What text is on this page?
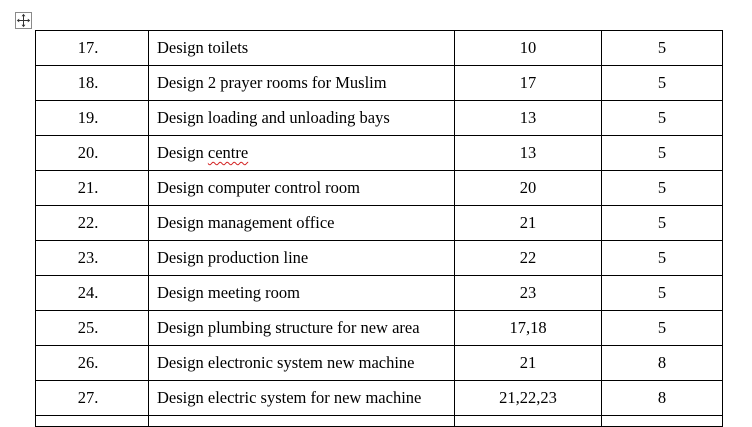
17.	Design toilets	10	5
18.	Design 2 prayer rooms for Muslim	17	5
19.	Design loading and unloading bays	13	5
20.	Design centre	13	5
21.	Design computer control room	20	5
22.	Design management office	21	5
23.	Design production line	22	5
24.	Design meeting room	23	5
25.	Design plumbing structure for new area	17,18	5
26.	Design electronic system new machine	21	8
27.	Design electric system for new machine	21,22,23	8
